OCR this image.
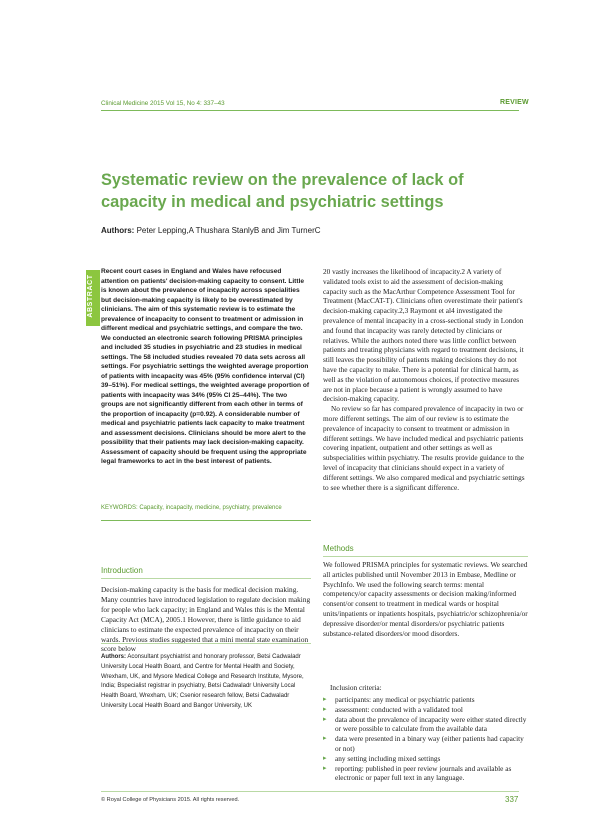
Clinical Medicine 2015 Vol 15, No 4: 337–43	REVIEW
Systematic review on the prevalence of lack of capacity in medical and psychiatric settings
Authors: Peter Lepping,A Thushara StanlyB and Jim TurnerC
ABSTRACT
Recent court cases in England and Wales have refocused attention on patients' decision-making capacity to consent. Little is known about the prevalence of incapacity across specialities but decision-making capacity is likely to be overestimated by clinicians. The aim of this systematic review is to estimate the prevalence of incapacity to consent to treatment or admission in different medical and psychiatric settings, and compare the two. We conducted an electronic search following PRISMA principles and included 35 studies in psychiatric and 23 studies in medical settings. The 58 included studies revealed 70 data sets across all settings. For psychiatric settings the weighted average proportion of patients with incapacity was 45% (95% confidence interval (CI) 39–51%). For medical settings, the weighted average proportion of patients with incapacity was 34% (95% CI 25–44%). The two groups are not significantly different from each other in terms of the proportion of incapacity (p=0.92). A considerable number of medical and psychiatric patients lack capacity to make treatment and assessment decisions. Clinicians should be more alert to the possibility that their patients may lack decision-making capacity. Assessment of capacity should be frequent using the appropriate legal frameworks to act in the best interest of patients.
KEYWORDS: Capacity, incapacity, medicine, psychiatry, prevalence
Introduction
Decision-making capacity is the basis for medical decision making. Many countries have introduced legislation to regulate decision making for people who lack capacity; in England and Wales this is the Mental Capacity Act (MCA), 2005.1 However, there is little guidance to aid clinicians to estimate the expected prevalence of incapacity on their wards. Previous studies suggested that a mini mental state examination score below
Authors: Aconsultant psychiatrist and honorary professor, Betsi Cadwaladr University Local Health Board, and Centre for Mental Health and Society, Wrexham, UK, and Mysore Medical College and Research Institute, Mysore, India; Bspecialist registrar in psychiatry, Betsi Cadwaladr University Local Health Board, Wrexham, UK; Csenior research fellow, Betsi Cadwaladr University Local Health Board and Bangor University, UK

20 vastly increases the likelihood of incapacity.2 A variety of validated tools exist to aid the assessment of decision-making capacity such as the MacArthur Competence Assessment Tool for Treatment (MacCAT-T). Clinicians often overestimate their patient's decision-making capacity.2,3 Raymont et al4 investigated the prevalence of mental incapacity in a cross-sectional study in London and found that incapacity was rarely detected by clinicians or relatives. While the authors noted there was little conflict between patients and treating physicians with regard to treatment decisions, it still leaves the possibility of patients making decisions they do not have the capacity to make. There is a potential for clinical harm, as well as the violation of autonomous choices, if protective measures are not in place because a patient is wrongly assumed to have decision-making capacity.

No review so far has compared prevalence of incapacity in two or more different settings. The aim of our review is to estimate the prevalence of incapacity to consent to treatment or admission in different settings. We have included medical and psychiatric patients covering inpatient, outpatient and other settings as well as subspecialities within psychiatry. The results provide guidance to the level of incapacity that clinicians should expect in a variety of different settings. We also compared medical and psychiatric settings to see whether there is a significant difference.

Methods
We followed PRISMA principles for systematic reviews. We searched all articles published until November 2013 in Embase, Medline or PsychInfo. We used the following search terms: mental competency/or capacity assessments or decision making/informed consent/or consent to treatment in medical wards or hospital units/inpatients or inpatients hospitals, psychiatric/or schizophrenia/or depressive disorder/or mental disorders/or psychiatric patients substance-related disorders/or mood disorders.
Inclusion criteria:
▸ participants: any medical or psychiatric patients
▸ assessment: conducted with a validated tool
▸ data about the prevalence of incapacity were either stated directly or were possible to calculate from the available data
▸ data were presented in a binary way (either patients had capacity or not)
▸ any setting including mixed settings
▸ reporting: published in peer review journals and available as electronic or paper full text in any language.
© Royal College of Physicians 2015. All rights reserved.	337
